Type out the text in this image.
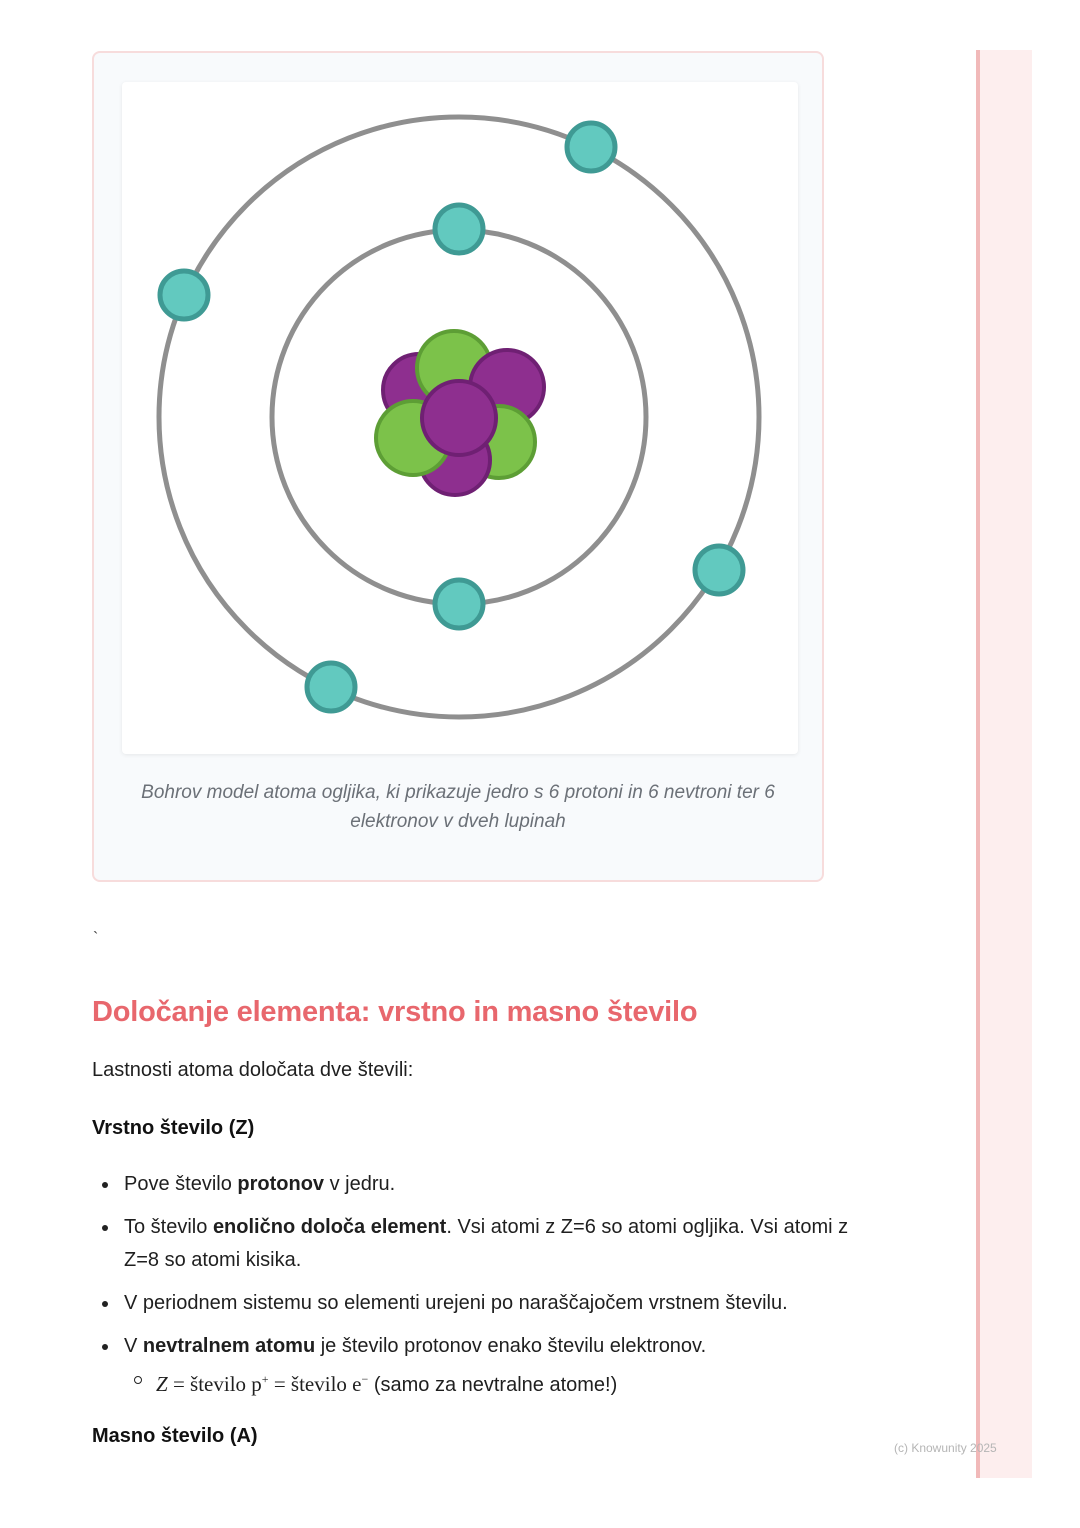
Bohrov model atoma ogljika, ki prikazuje jedro s 6 protoni in 6 nevtroni ter 6 elektronov v dveh lupinah
`
Določanje elementa: vrstno in masno število

Lastnosti atoma določata dve števili:

Vrstno število (Z)

Pove število protonov v jedru.
To število enolično določa element. Vsi atomi z Z=6 so atomi ogljika. Vsi atomi z Z=8 so atomi kisika.
V periodnem sistemu so elementi urejeni po naraščajočem vrstnem številu.
V nevtralnem atomu je število protonov enako številu elektronov.
Z = število p+ = število e− (samo za nevtralne atome!)

Masno število (A)

(c) Knowunity 2025
